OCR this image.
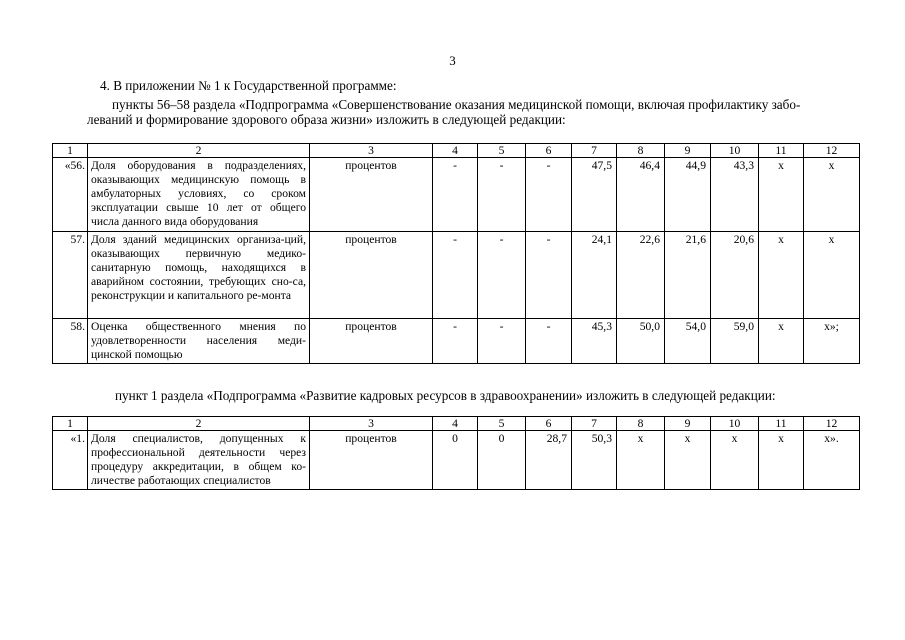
3
4. В приложении № 1 к Государственной программе:
пункты 56–58 раздела «Подпрограмма «Совершенствование оказания медицинской помощи, включая профилактику забо-
леваний и формирование здорового образа жизни» изложить в следующей редакции:
1	2	3	4	5	6	7	8	9	10	11	12
«56.	Доля оборудования в подразделениях, оказывающих медицинскую помощь в амбулаторных условиях, со сроком эксплуатации свыше 10 лет от общего числа данного вида оборудования	процентов	-	-	-	47,5	46,4	44,9	43,3	х	х
57.	Доля зданий медицинских организа-ций, оказывающих первичную медико-санитарную помощь, находящихся в аварийном состоянии, требующих сно-са, реконструкции и капитального ре-монта	процентов	-	-	-	24,1	22,6	21,6	20,6	х	х
58.	Оценка общественного мнения по удовлетворенности населения меди-цинской помощью	процентов	-	-	-	45,3	50,0	54,0	59,0	х	х»;
пункт 1 раздела «Подпрограмма «Развитие кадровых ресурсов в здравоохранении» изложить в следующей редакции:
1	2	3	4	5	6	7	8	9	10	11	12
«1.	Доля специалистов, допущенных к профессиональной деятельности через процедуру аккредитации, в общем ко-личестве работающих специалистов	процентов	0	0	28,7	50,3	х	х	х	х	х».
